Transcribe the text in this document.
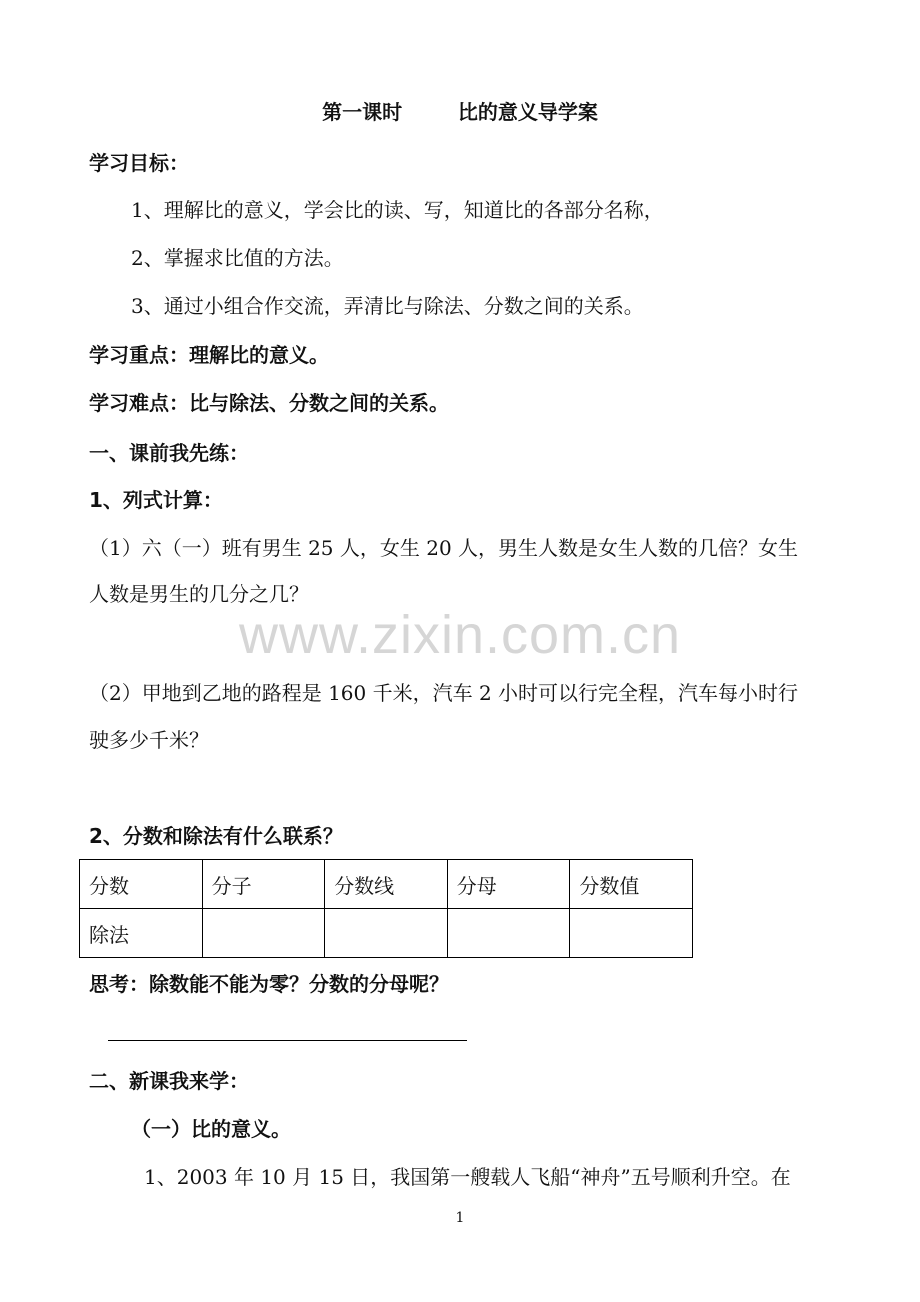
第一课时        比的意义导学案
学习目标：
1、理解比的意义，学会比的读、写，知道比的各部分名称，
2、掌握求比值的方法。
3、通过小组合作交流，弄清比与除法、分数之间的关系。
学习重点：理解比的意义。
学习难点：比与除法、分数之间的关系。
一、课前我先练：
1、列式计算：
（1）六（一）班有男生 25 人，女生 20 人，男生人数是女生人数的几倍？女生
人数是男生的几分之几？
www.zixin.com.cn
（2）甲地到乙地的路程是 160 千米，汽车 2 小时可以行完全程，汽车每小时行
驶多少千米？
2、分数和除法有什么联系？
分数	分子	分数线	分母	分数值
除法				
思考：除数能不能为零？分数的分母呢？
二、新课我来学：
（一）比的意义。
1、2003 年 10 月 15 日，我国第一艘载人飞船“神舟”五号顺利升空。在
1
